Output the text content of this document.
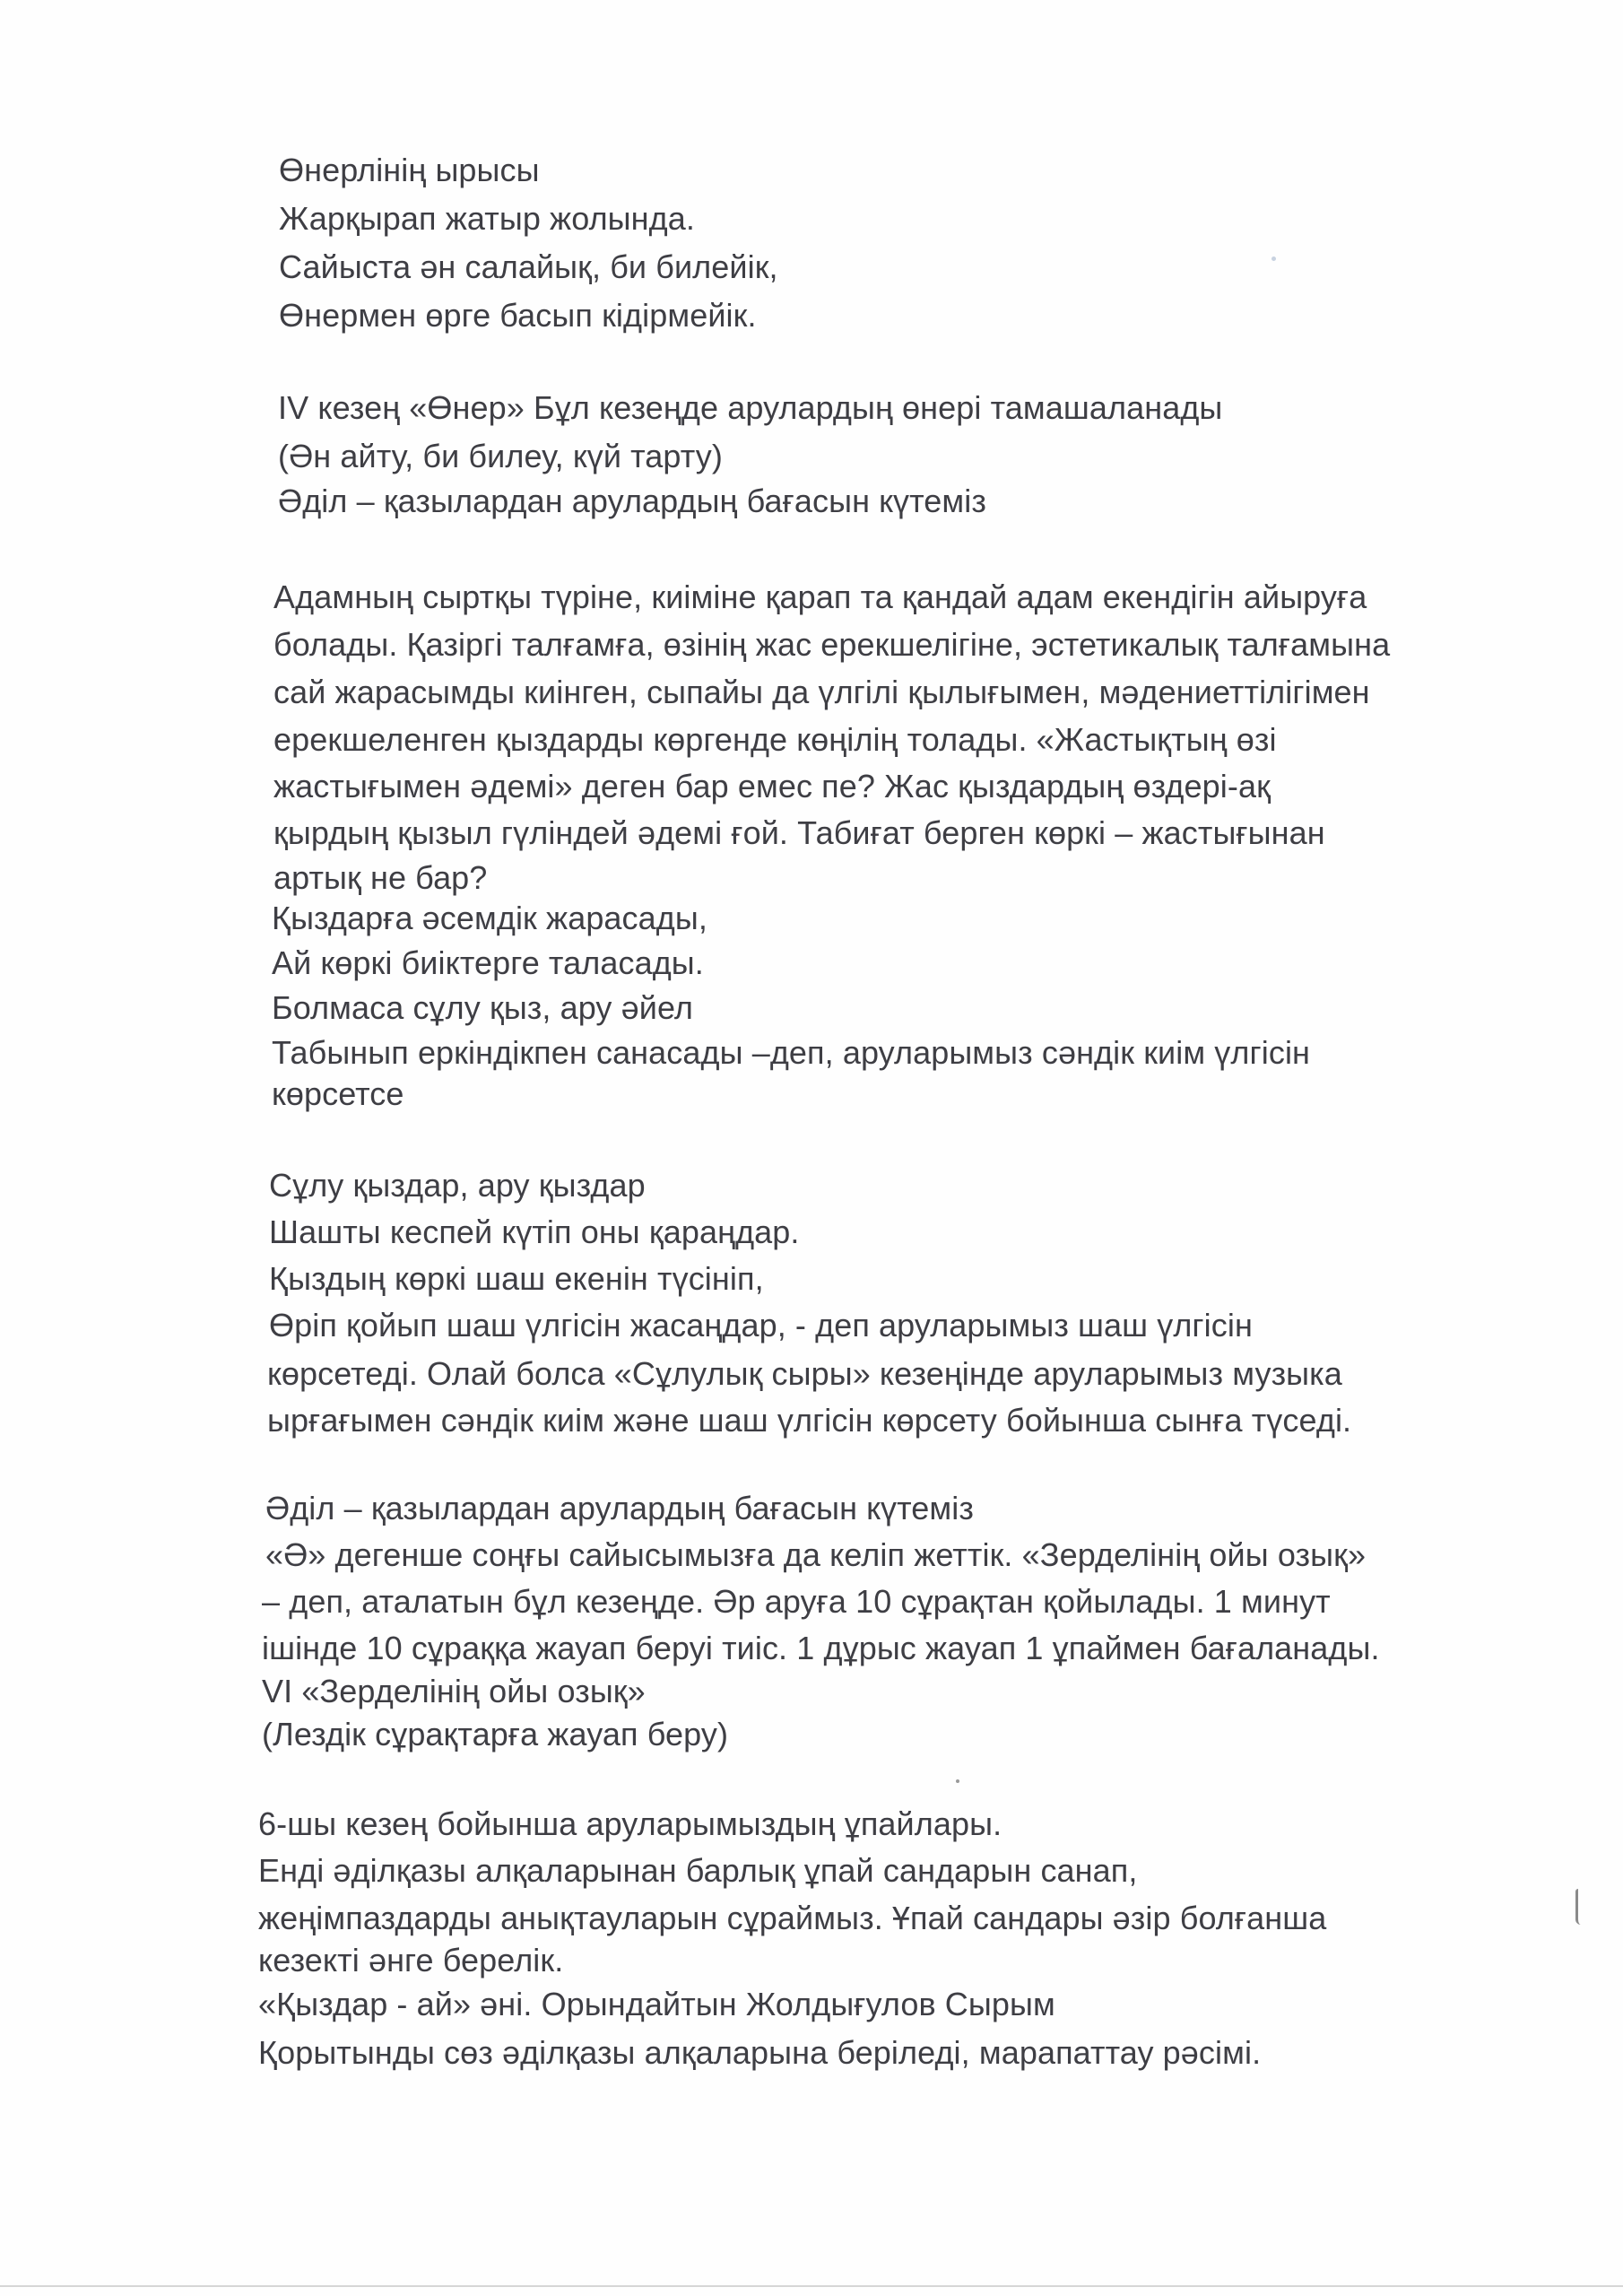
Өнерлінің ырысы
Жарқырап жатыр жолында.
Сайыста ән салайық, би билейік,
Өнермен өрге басып кідірмейік.
ІV кезең «Өнер» Бұл кезеңде арулардың өнері тамашаланады
(Ән айту, би билеу, күй тарту)
Әділ – қазылардан арулардың бағасын күтеміз
Адамның сыртқы түріне, киіміне қарап та қандай адам екендігін айыруға
болады. Қазіргі талғамға, өзінің жас ерекшелігіне, эстетикалық талғамына
сай жарасымды киінген, сыпайы да үлгілі қылығымен, мәдениеттілігімен
ерекшеленген қыздарды көргенде көңілің толады. «Жастықтың өзі
жастығымен әдемі» деген бар емес пе? Жас қыздардың өздері-ақ
қырдың қызыл гүліндей әдемі ғой. Табиғат берген көркі – жастығынан
артық не бар?
Қыздарға әсемдік жарасады,
Ай көркі биіктерге таласады.
Болмаса сұлу қыз, ару әйел
Табынып еркіндікпен санасады –деп, аруларымыз сәндік киім үлгісін
көрсетсе
Сұлу қыздар, ару қыздар
Шашты кеспей күтіп оны қараңдар.
Қыздың көркі шаш екенін түсініп,
Өріп қойып шаш үлгісін жасаңдар, - деп аруларымыз шаш үлгісін
көрсетеді. Олай болса «Сұлулық сыры» кезеңінде аруларымыз музыка
ырғағымен сәндік киім және шаш үлгісін көрсету бойынша сынға түседі.
Әділ – қазылардан арулардың бағасын күтеміз
«Ә» дегенше соңғы сайысымызға да келіп жеттік. «Зерделінің ойы озық»
– деп, аталатын бұл кезеңде. Әр аруға 10 сұрақтан қойылады. 1 минут
ішінде 10 сұраққа жауап беруі тиіс. 1 дұрыс жауап 1 ұпаймен бағаланады.
VІ «Зерделінің ойы озық»
(Лездік сұрақтарға жауап беру)
6-шы кезең бойынша аруларымыздың ұпайлары.
Енді әділқазы алқаларынан барлық ұпай сандарын санап,
жеңімпаздарды анықтауларын сұраймыз. Ұпай сандары әзір болғанша
кезекті әнге берелік.
«Қыздар - ай» әні. Орындайтын Жолдығулов Сырым
Қорытынды сөз әділқазы алқаларына беріледі, марапаттау рәсімі.
